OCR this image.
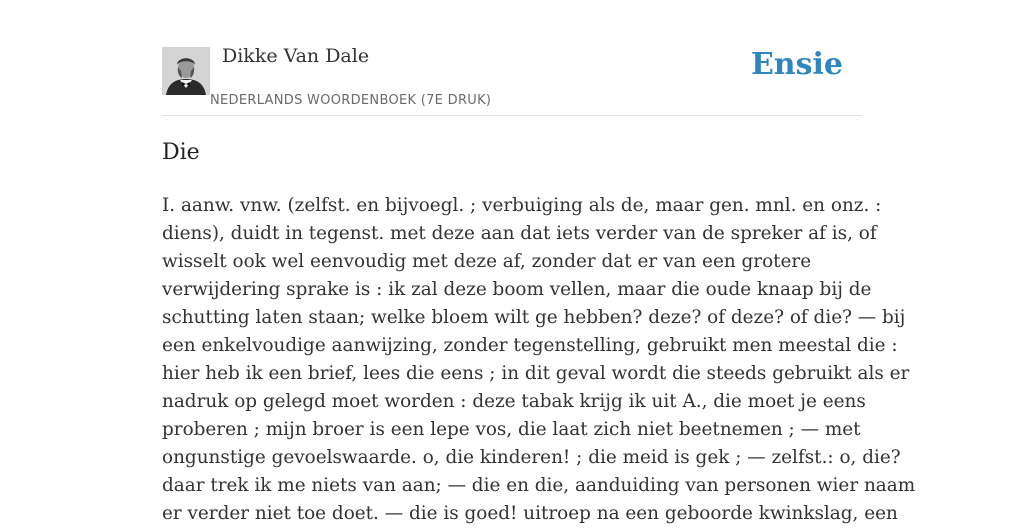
Dikke Van Dale
NEDERLANDS WOORDENBOEK (7E DRUK)
Ensie
Die
I. aanw. vnw. (zelfst. en bijvoegl. ; verbuiging als de, maar gen. mnl. en onz. :
diens), duidt in tegenst. met deze aan dat iets verder van de spreker af is, of
wisselt ook wel eenvoudig met deze af, zonder dat er van een grotere
verwijdering sprake is : ik zal deze boom vellen, maar die oude knaap bij de
schutting laten staan; welke bloem wilt ge hebben? deze? of deze? of die? — bij
een enkelvoudige aanwijzing, zonder tegenstelling, gebruikt men meestal die :
hier heb ik een brief, lees die eens ; in dit geval wordt die steeds gebruikt als er
nadruk op gelegd moet worden : deze tabak krijg ik uit A., die moet je eens
proberen ; mijn broer is een lepe vos, die laat zich niet beetnemen ; — met
ongunstige gevoelswaarde. o, die kinderen! ; die meid is gek ; — zelfst.: o, die?
daar trek ik me niets van aan; — die en die, aanduiding van personen wier naam
er verder niet toe doet. — die is goed! uitroep na een geboorde kwinkslag, een
